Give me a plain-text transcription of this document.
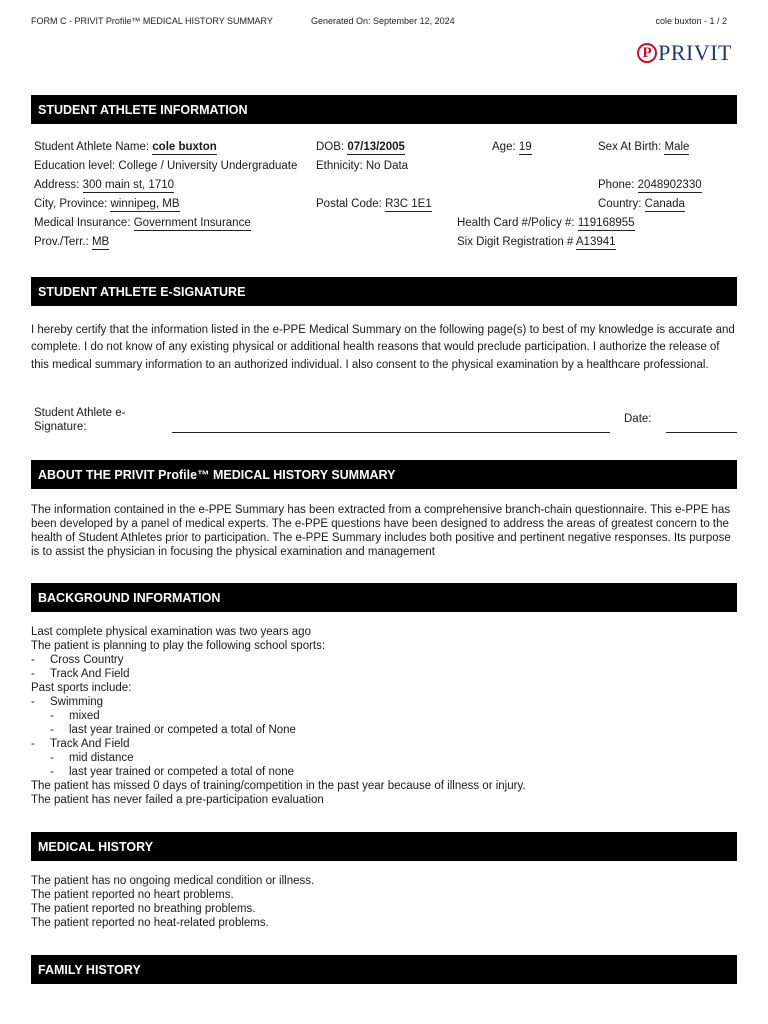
FORM C - PRIVIT Profile™ MEDICAL HISTORY SUMMARY	Generated On: September 12, 2024	cole buxton - 1 / 2
P PRIVIT
STUDENT ATHLETE INFORMATION
Student Athlete Name: cole buxton	DOB: 07/13/2005	Age: 19	Sex At Birth: Male
Education level: College / University Undergraduate Ethnicity: No Data
Address: 300 main st, 1710	Phone: 2048902330
City, Province: winnipeg, MB	Postal Code: R3C 1E1	Country: Canada
Medical Insurance: Government Insurance	Health Card #/Policy #: 119168955
Prov./Terr.: MB	Six Digit Registration # A13941
STUDENT ATHLETE E-SIGNATURE
I hereby certify that the information listed in the e-PPE Medical Summary on the following page(s) to best of my knowledge is accurate and complete. I do not know of any existing physical or additional health reasons that would preclude participation. I authorize the release of this medical summary information to an authorized individual. I also consent to the physical examination by a healthcare professional.
Student Athlete e-
Signature:
Date:
ABOUT THE PRIVIT Profile™ MEDICAL HISTORY SUMMARY
The information contained in the e-PPE Summary has been extracted from a comprehensive branch-chain questionnaire. This e-PPE has been developed by a panel of medical experts. The e-PPE questions have been designed to address the areas of greatest concern to the health of Student Athletes prior to participation. The e-PPE Summary includes both positive and pertinent negative responses. Its purpose is to assist the physician in focusing the physical examination and management
BACKGROUND INFORMATION
Last complete physical examination was two years ago
The patient is planning to play the following school sports:
- Cross Country
- Track And Field
Past sports include:
- Swimming
- mixed
- last year trained or competed a total of None
- Track And Field
- mid distance
- last year trained or competed a total of none
The patient has missed 0 days of training/competition in the past year because of illness or injury.
The patient has never failed a pre-participation evaluation
MEDICAL HISTORY
The patient has no ongoing medical condition or illness.
The patient reported no heart problems.
The patient reported no breathing problems.
The patient reported no heat-related problems.
FAMILY HISTORY
